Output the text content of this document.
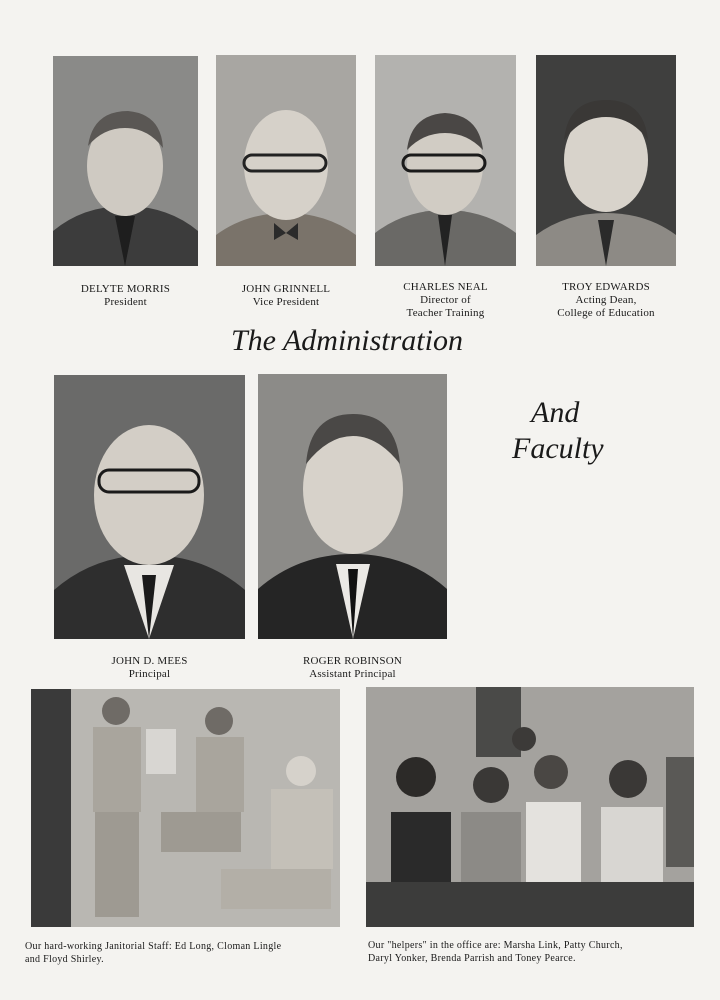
DELYTE MORRIS
President
JOHN GRINNELL
Vice President
CHARLES NEAL
Director of
Teacher Training
TROY EDWARDS
Acting Dean,
College of Education
The Administration
And
Faculty
JOHN D. MEES
Principal
ROGER ROBINSON
Assistant Principal
Our hard-working Janitorial Staff: Ed Long, Cloman Lingle
and Floyd Shirley.
Our "helpers" in the office are: Marsha Link, Patty Church,
Daryl Yonker, Brenda Parrish and Toney Pearce.
